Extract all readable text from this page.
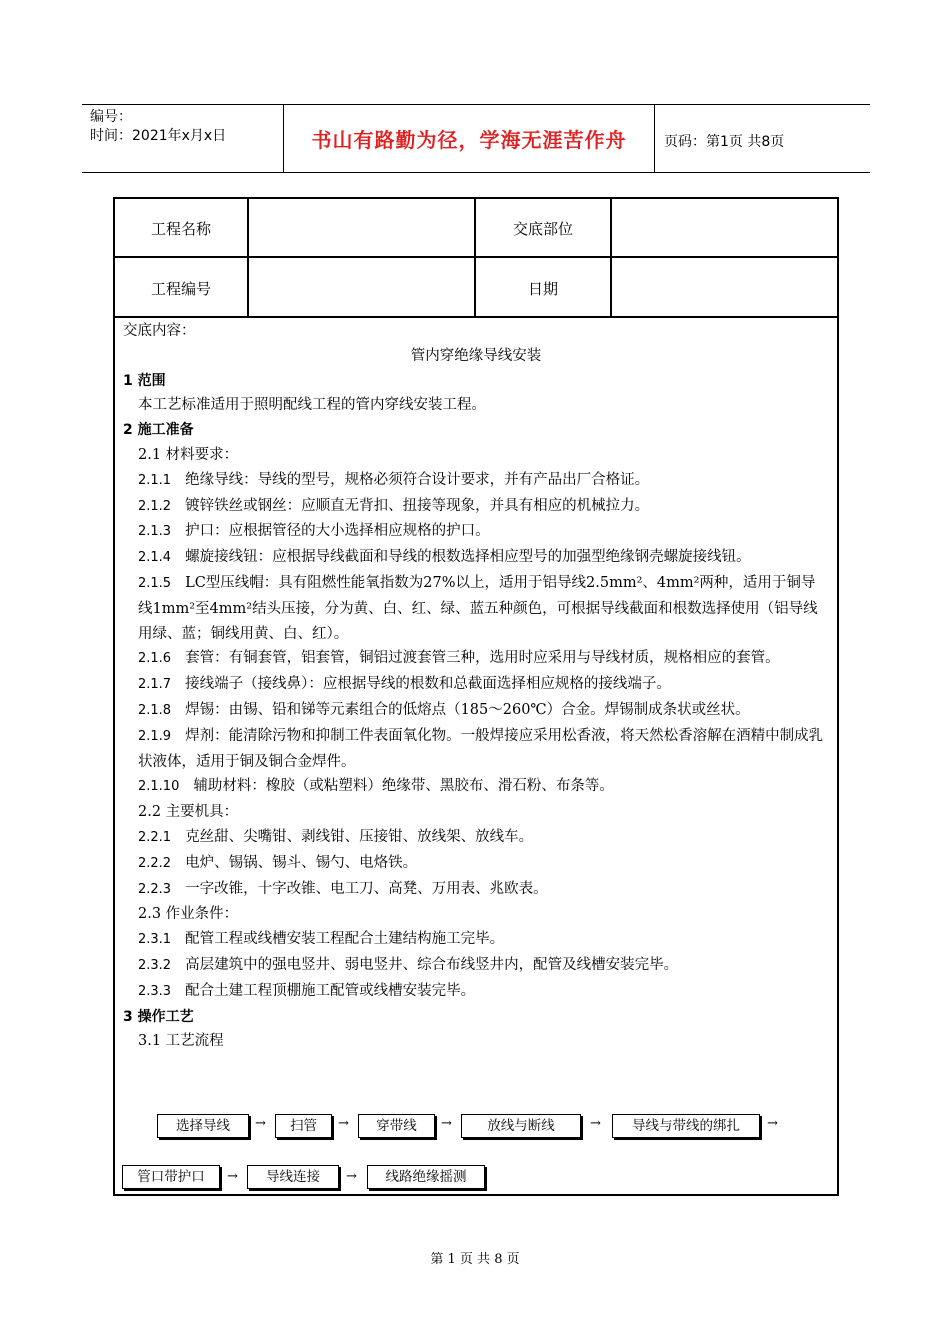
编号：
时间：2021年x月x日	书山有路勤为径，学海无涯苦作舟	页码：第1页 共8页
工程名称	交底部位
工程编号	日期

交底内容：

管内穿绝缘导线安装

1 范围

本工艺标准适用于照明配线工程的管内穿线安装工程。

2 施工准备

2.1 材料要求：

2.1.1 绝缘导线：导线的型号，规格必须符合设计要求，并有产品出厂合格证。

2.1.2 镀锌铁丝或钢丝：应顺直无背扣、扭接等现象，并具有相应的机械拉力。

2.1.3 护口：应根据管径的大小选择相应规格的护口。

2.1.4 螺旋接线钮：应根据导线截面和导线的根数选择相应型号的加强型绝缘钢壳螺旋接线钮。

2.1.5 LC型压线帽：具有阻燃性能氧指数为27%以上，适用于铝导线2.5mm²、4mm²两种，适用于铜导线1mm²至4mm²结头压接，分为黄、白、红、绿、蓝五种颜色，可根据导线截面和根数选择使用（铝导线用绿、蓝；铜线用黄、白、红）。

2.1.6 套管：有铜套管，铝套管，铜铝过渡套管三种，选用时应采用与导线材质，规格相应的套管。

2.1.7 接线端子（接线鼻）：应根据导线的根数和总截面选择相应规格的接线端子。

2.1.8 焊锡：由锡、铅和锑等元素组合的低熔点（185～260℃）合金。焊锡制成条状或丝状。

2.1.9 焊剂：能清除污物和抑制工件表面氧化物。一般焊接应采用松香液，将天然松香溶解在酒精中制成乳状液体，适用于铜及铜合金焊件。

2.1.10 辅助材料：橡胶（或粘塑料）绝缘带、黑胶布、滑石粉、布条等。

2.2 主要机具：

2.2.1 克丝甜、尖嘴钳、剥线钳、压接钳、放线架、放线车。

2.2.2 电炉、锡锅、锡斗、锡勺、电烙铁。

2.2.3 一字改锥，十字改锥、电工刀、高凳、万用表、兆欧表。

2.3 作业条件：

2.3.1 配管工程或线槽安装工程配合土建结构施工完毕。

2.3.2 高层建筑中的强电竖井、弱电竖井、综合布线竖井内，配管及线槽安装完毕。

2.3.3 配合土建工程顶棚施工配管或线槽安装完毕。

3 操作工艺

3.1 工艺流程

选择导线	→	扫管	→	穿带线	→	放线与断线	→	导线与带线的绑扎	→
管口带护口	→	导线连接	→	线路绝缘摇测
第 1 页 共 8 页
